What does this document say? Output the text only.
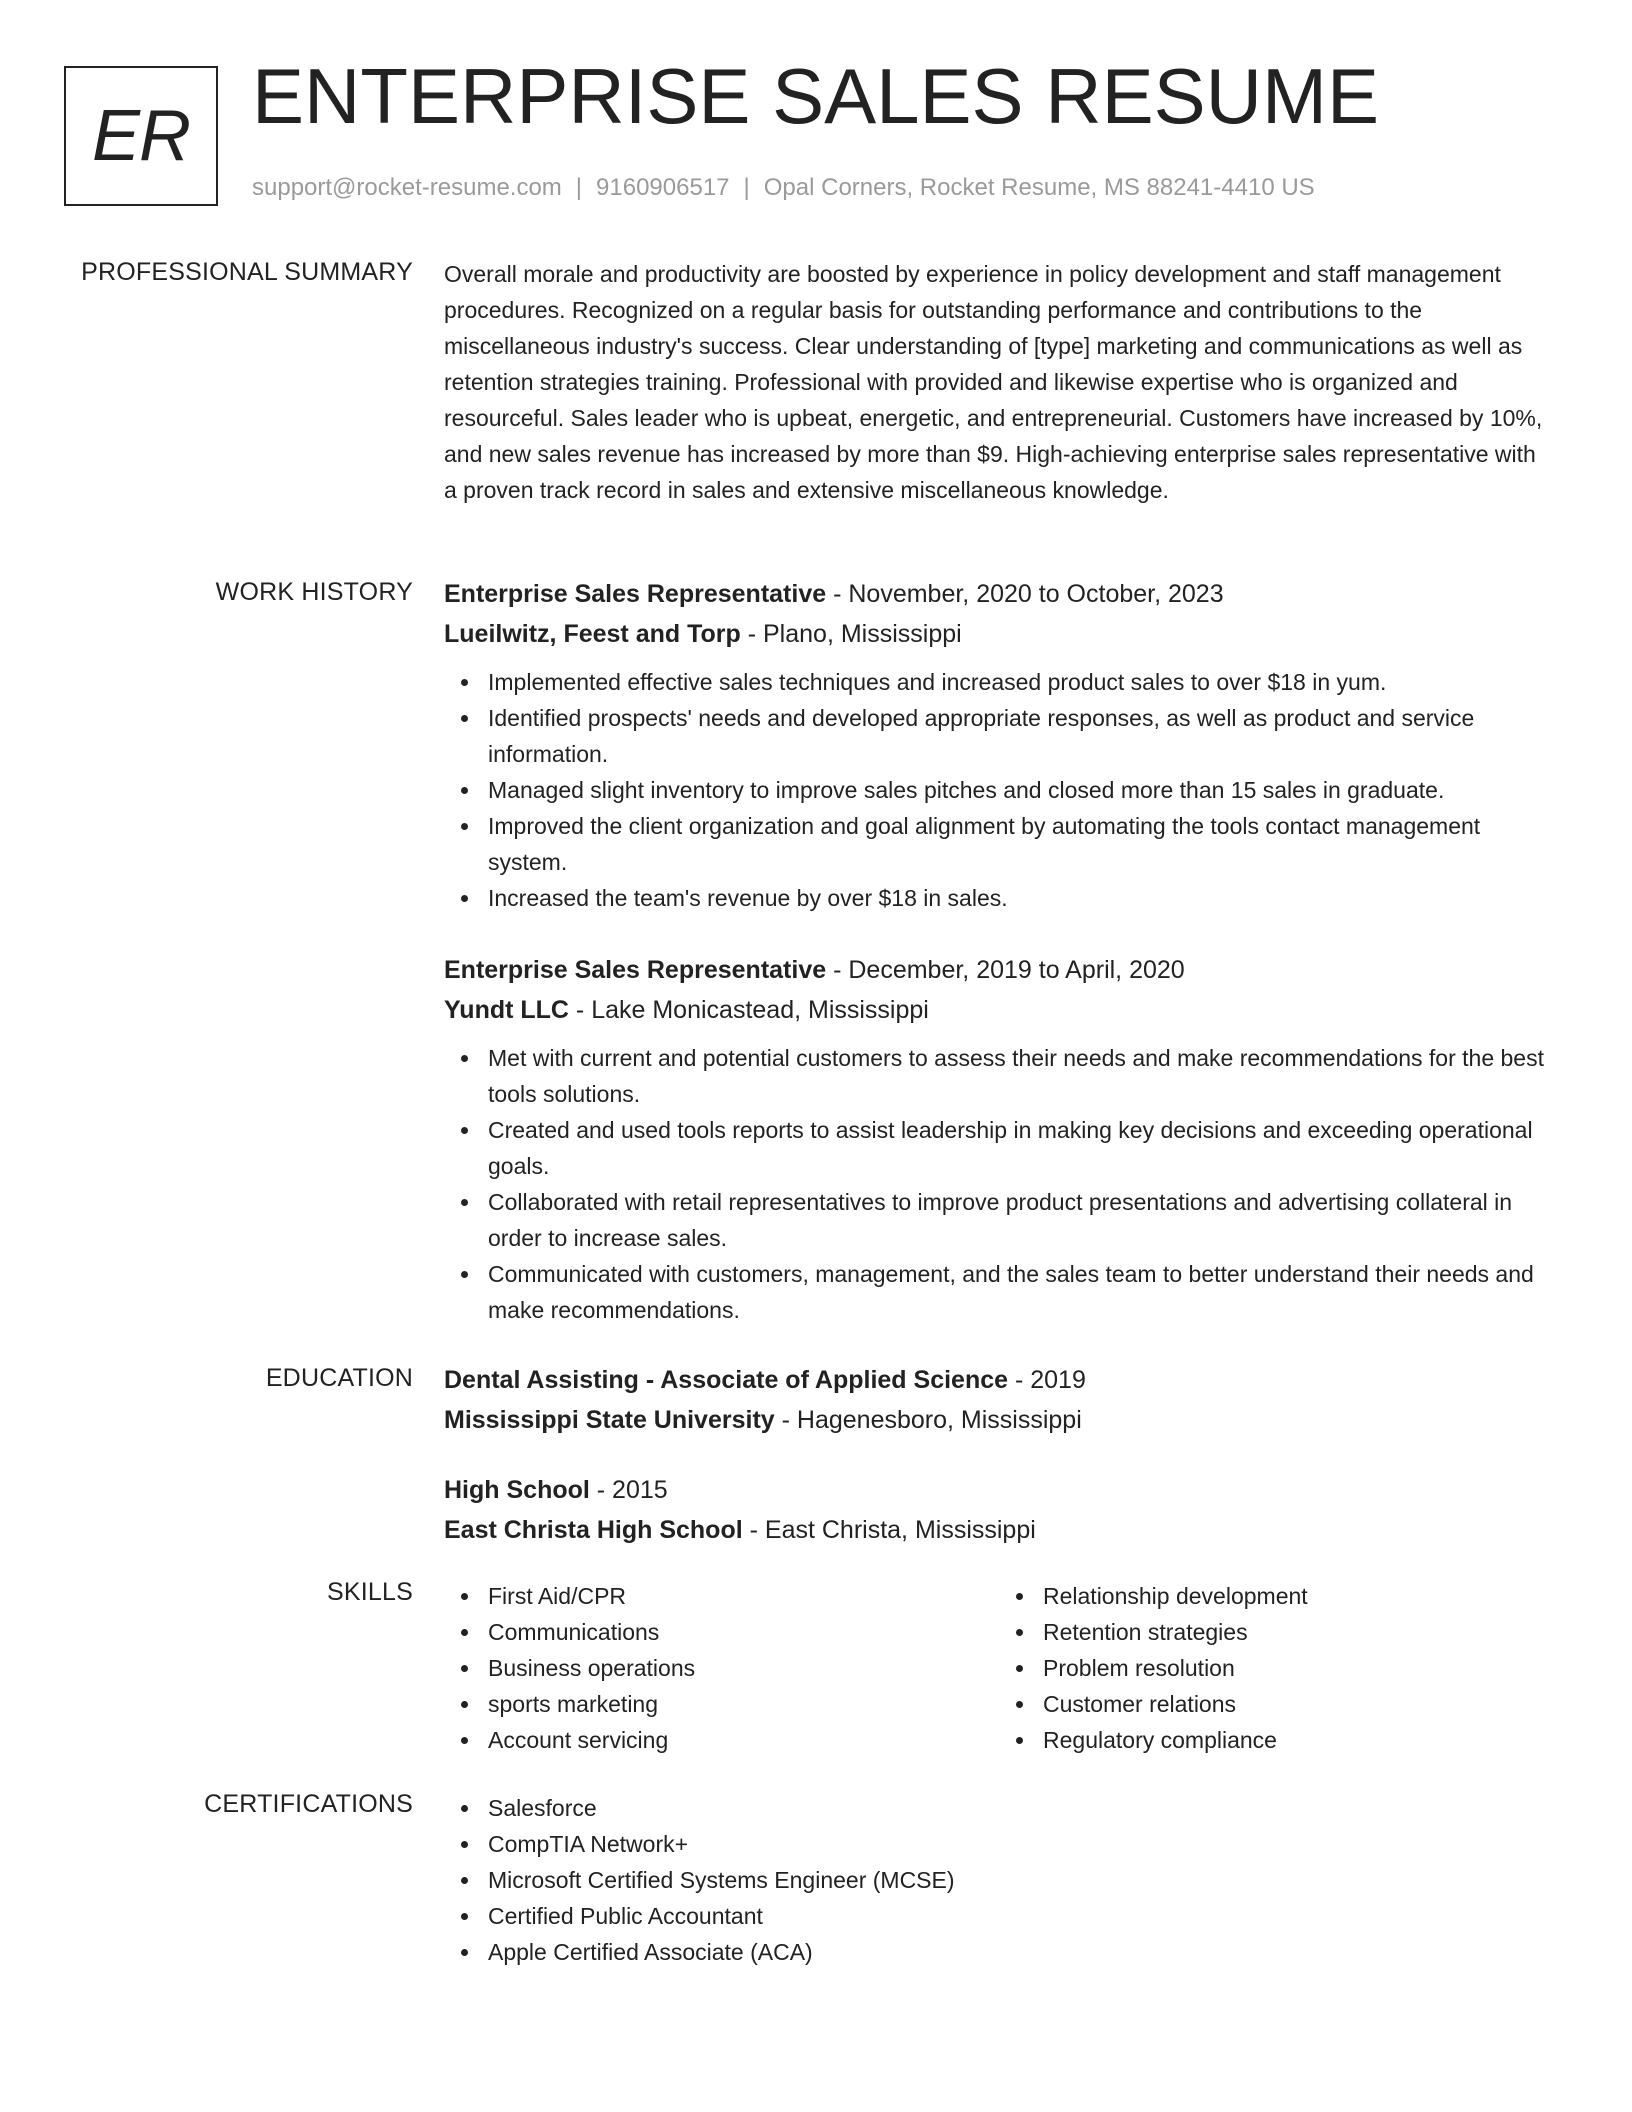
ER ENTERPRISE SALES RESUME
support@rocket-resume.com | 9160906517 | Opal Corners, Rocket Resume, MS 88241-4410 US
PROFESSIONAL SUMMARY Overall morale and productivity are boosted by experience in policy development and staff management procedures. Recognized on a regular basis for outstanding performance and contributions to the miscellaneous industry's success. Clear understanding of [type] marketing and communications as well as retention strategies training. Professional with provided and likewise expertise who is organized and resourceful. Sales leader who is upbeat, energetic, and entrepreneurial. Customers have increased by 10%, and new sales revenue has increased by more than $9. High-achieving enterprise sales representative with a proven track record in sales and extensive miscellaneous knowledge.

WORK HISTORY Enterprise Sales Representative - November, 2020 to October, 2023

Lueilwitz, Feest and Torp - Plano, Mississippi

Implemented effective sales techniques and increased product sales to over $18 in yum.
Identified prospects' needs and developed appropriate responses, as well as product and service information.
Managed slight inventory to improve sales pitches and closed more than 15 sales in graduate.
Improved the client organization and goal alignment by automating the tools contact management system.
Increased the team's revenue by over $18 in sales.

Enterprise Sales Representative - December, 2019 to April, 2020

Yundt LLC - Lake Monicastead, Mississippi

Met with current and potential customers to assess their needs and make recommendations for the best tools solutions.
Created and used tools reports to assist leadership in making key decisions and exceeding operational goals.
Collaborated with retail representatives to improve product presentations and advertising collateral in order to increase sales.
Communicated with customers, management, and the sales team to better understand their needs and make recommendations.
EDUCATION Dental Assisting - Associate of Applied Science - 2019

Mississippi State University - Hagenesboro, Mississippi

High School - 2015

East Christa High School - East Christa, Mississippi

SKILLS	First Aid/CPR
Communications
Business operations
sports marketing
Account servicing
Relationship development
Retention strategies
Problem resolution
Customer relations
Regulatory compliance
CERTIFICATIONS	Salesforce
CompTIA Network+
Microsoft Certified Systems Engineer (MCSE)
Certified Public Accountant
Apple Certified Associate (ACA)
